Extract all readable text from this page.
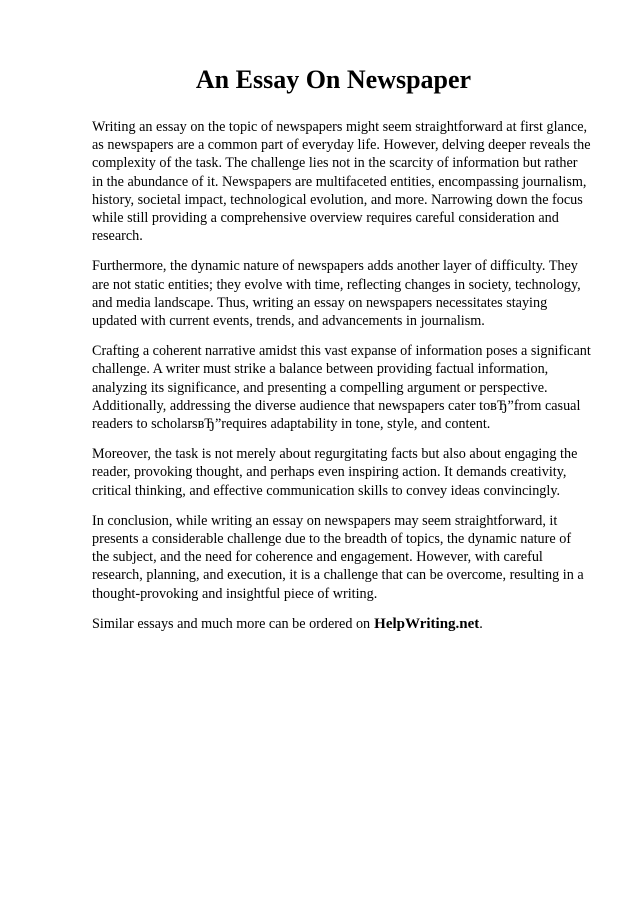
An Essay On Newspaper

Writing an essay on the topic of newspapers might seem straightforward at first glance, as newspapers are a common part of everyday life. However, delving deeper reveals the complexity of the task. The challenge lies not in the scarcity of information but rather in the abundance of it. Newspapers are multifaceted entities, encompassing journalism, history, societal impact, technological evolution, and more. Narrowing down the focus while still providing a comprehensive overview requires careful consideration and research.

Furthermore, the dynamic nature of newspapers adds another layer of difficulty. They are not static entities; they evolve with time, reflecting changes in society, technology, and media landscape. Thus, writing an essay on newspapers necessitates staying updated with current events, trends, and advancements in journalism.

Crafting a coherent narrative amidst this vast expanse of information poses a significant challenge. A writer must strike a balance between providing factual information, analyzing its significance, and presenting a compelling argument or perspective. Additionally, addressing the diverse audience that newspapers cater toвЂ”from casual readers to scholarsвЂ”requires adaptability in tone, style, and content.

Moreover, the task is not merely about regurgitating facts but also about engaging the reader, provoking thought, and perhaps even inspiring action. It demands creativity, critical thinking, and effective communication skills to convey ideas convincingly.

In conclusion, while writing an essay on newspapers may seem straightforward, it presents a considerable challenge due to the breadth of topics, the dynamic nature of the subject, and the need for coherence and engagement. However, with careful research, planning, and execution, it is a challenge that can be overcome, resulting in a thought-provoking and insightful piece of writing.

Similar essays and much more can be ordered on HelpWriting.net.
